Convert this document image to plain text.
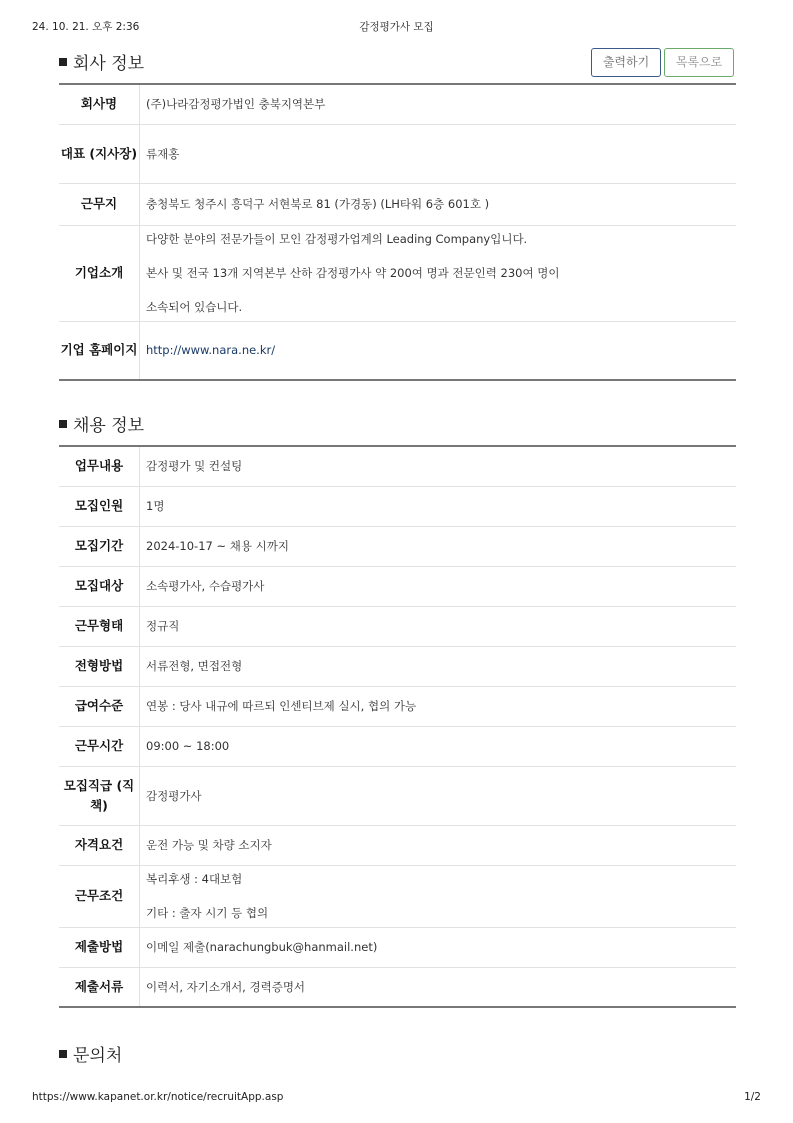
24. 10. 21. 오후 2:36	감정평가사 모집
회사 정보	출력하기	목록으로
회사명	(주)나라감정평가법인 충북지역본부
대표 (지사장)	류재홍
근무지	충청북도 청주시 흥덕구 서현북로 81 (가경동) (LH타워 6층 601호 )
기업소개	다양한 분야의 전문가들이 모인 감정평가업계의 Leading Company입니다.
본사 및 전국 13개 지역본부 산하 감정평가사 약 200여 명과 전문인력 230여 명이
소속되어 있습니다.

기업 홈페이지	http://www.nara.ne.kr/
채용 정보
업무내용	감정평가 및 컨설팅
모집인원	1명
모집기간	2024-10-17 ~ 채용 시까지
모집대상	소속평가사, 수습평가사
근무형태	정규직
전형방법	서류전형, 면접전형
급여수준	연봉 : 당사 내규에 따르되 인센티브제 실시, 협의 가능
근무시간	09:00 ~ 18:00
모집직급 (직책)	감정평가사
자격요건	운전 가능 및 차량 소지자
근무조건	복리후생 : 4대보험
기타 : 출자 시기 등 협의

제출방법	이메일 제출(narachungbuk@hanmail.net)
제출서류	이력서, 자기소개서, 경력증명서
문의처
https://www.kapanet.or.kr/notice/recruitApp.asp	1/2
